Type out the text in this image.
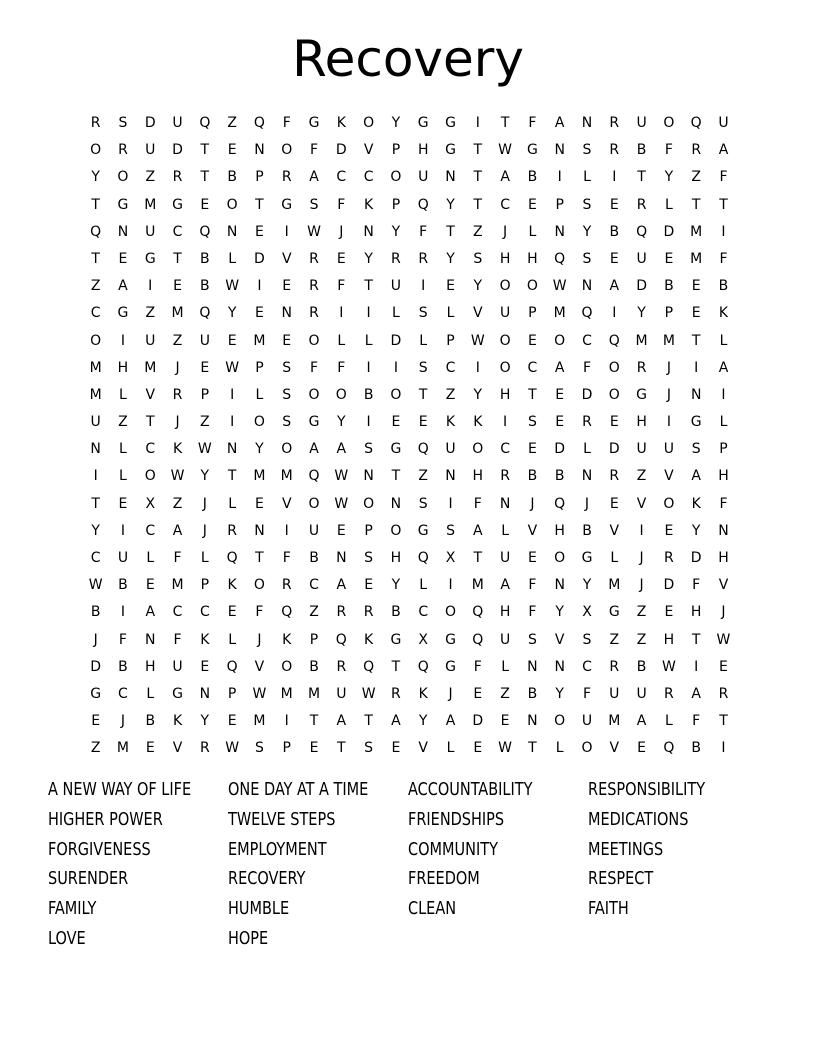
Recovery
R	S	D	U	Q	Z	Q	F	G	K	O	Y	G	G	I	T	F	A	N	R	U	O	Q	U
O	R	U	D	T	E	N	O	F	D	V	P	H	G	T	W	G	N	S	R	B	F	R	A
Y	O	Z	R	T	B	P	R	A	C	C	O	U	N	T	A	B	I	L	I	T	Y	Z	F
T	G	M	G	E	O	T	G	S	F	K	P	Q	Y	T	C	E	P	S	E	R	L	T	T
Q	N	U	C	Q	N	E	I	W	J	N	Y	F	T	Z	J	L	N	Y	B	Q	D	M	I
T	E	G	T	B	L	D	V	R	E	Y	R	R	Y	S	H	H	Q	S	E	U	E	M	F
Z	A	I	E	B	W	I	E	R	F	T	U	I	E	Y	O	O	W	N	A	D	B	E	B
C	G	Z	M	Q	Y	E	N	R	I	I	L	S	L	V	U	P	M	Q	I	Y	P	E	K
O	I	U	Z	U	E	M	E	O	L	L	D	L	P	W	O	E	O	C	Q	M	M	T	L
M	H	M	J	E	W	P	S	F	F	I	I	S	C	I	O	C	A	F	O	R	J	I	A
M	L	V	R	P	I	L	S	O	O	B	O	T	Z	Y	H	T	E	D	O	G	J	N	I
U	Z	T	J	Z	I	O	S	G	Y	I	E	E	K	K	I	S	E	R	E	H	I	G	L
N	L	C	K	W	N	Y	O	A	A	S	G	Q	U	O	C	E	D	L	D	U	U	S	P
I	L	O	W	Y	T	M	M	Q	W	N	T	Z	N	H	R	B	B	N	R	Z	V	A	H
T	E	X	Z	J	L	E	V	O	W	O	N	S	I	F	N	J	Q	J	E	V	O	K	F
Y	I	C	A	J	R	N	I	U	E	P	O	G	S	A	L	V	H	B	V	I	E	Y	N
C	U	L	F	L	Q	T	F	B	N	S	H	Q	X	T	U	E	O	G	L	J	R	D	H
W	B	E	M	P	K	O	R	C	A	E	Y	L	I	M	A	F	N	Y	M	J	D	F	V
B	I	A	C	C	E	F	Q	Z	R	R	B	C	O	Q	H	F	Y	X	G	Z	E	H	J
J	F	N	F	K	L	J	K	P	Q	K	G	X	G	Q	U	S	V	S	Z	Z	H	T	W
D	B	H	U	E	Q	V	O	B	R	Q	T	Q	G	F	L	N	N	C	R	B	W	I	E
G	C	L	G	N	P	W	M	M	U	W	R	K	J	E	Z	B	Y	F	U	U	R	A	R
E	J	B	K	Y	E	M	I	T	A	T	A	Y	A	D	E	N	O	U	M	A	L	F	T
Z	M	E	V	R	W	S	P	E	T	S	E	V	L	E	W	T	L	O	V	E	Q	B	I
A NEW WAY OF LIFE	ONE DAY AT A TIME	ACCOUNTABILITY	RESPONSIBILITY
HIGHER POWER	TWELVE STEPS	FRIENDSHIPS	MEDICATIONS
FORGIVENESS	EMPLOYMENT	COMMUNITY	MEETINGS
SURENDER	RECOVERY	FREEDOM	RESPECT
FAMILY	HUMBLE	CLEAN	FAITH
LOVE	HOPE
